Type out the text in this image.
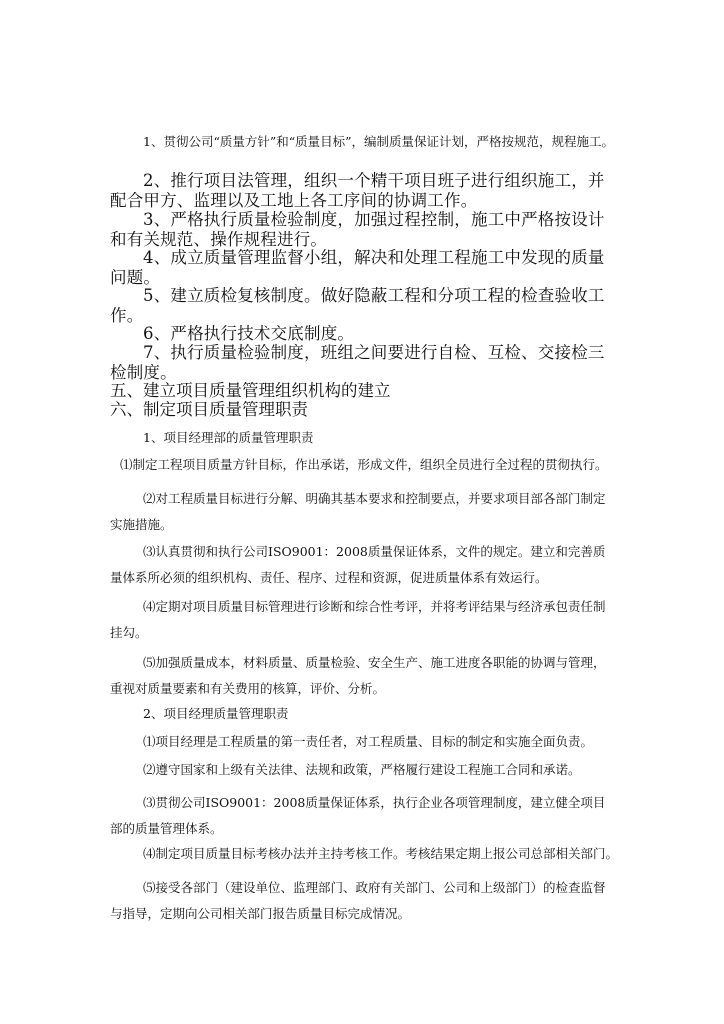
1、贯彻公司“质量方针”和“质量目标”，编制质量保证计划，严格按规范，规程施工。

2、推行项目法管理，组织一个精干项目班子进行组织施工，并配合甲方、监理以及工地上各工序间的协调工作。

3、严格执行质量检验制度，加强过程控制，施工中严格按设计和有关规范、操作规程进行。

4、成立质量管理监督小组，解决和处理工程施工中发现的质量问题。

5、建立质检复核制度。做好隐蔽工程和分项工程的检查验收工作。

6、严格执行技术交底制度。

7、执行质量检验制度，班组之间要进行自检、互检、交接检三检制度。

五、建立项目质量管理组织机构的建立

六、制定项目质量管理职责

1、项目经理部的质量管理职责

⑴制定工程项目质量方针目标，作出承诺，形成文件，组织全员进行全过程的贯彻执行。

⑵对工程质量目标进行分解、明确其基本要求和控制要点，并要求项目部各部门制定实施措施。

⑶认真贯彻和执行公司ISO9001：2008质量保证体系，文件的规定。建立和完善质量体系所必须的组织机构、责任、程序、过程和资源，促进质量体系有效运行。

⑷定期对项目质量目标管理进行诊断和综合性考评，并将考评结果与经济承包责任制挂勾。

⑸加强质量成本，材料质量、质量检验、安全生产、施工进度各职能的协调与管理，重视对质量要素和有关费用的核算，评价、分析。

2、项目经理质量管理职责

⑴项目经理是工程质量的第一责任者，对工程质量、目标的制定和实施全面负责。

⑵遵守国家和上级有关法律、法规和政策，严格履行建设工程施工合同和承诺。

⑶贯彻公司ISO9001：2008质量保证体系，执行企业各项管理制度，建立健全项目部的质量管理体系。

⑷制定项目质量目标考核办法并主持考核工作。考核结果定期上报公司总部相关部门。

⑸接受各部门（建设单位、监理部门、政府有关部门、公司和上级部门）的检查监督与指导，定期向公司相关部门报告质量目标完成情况。
